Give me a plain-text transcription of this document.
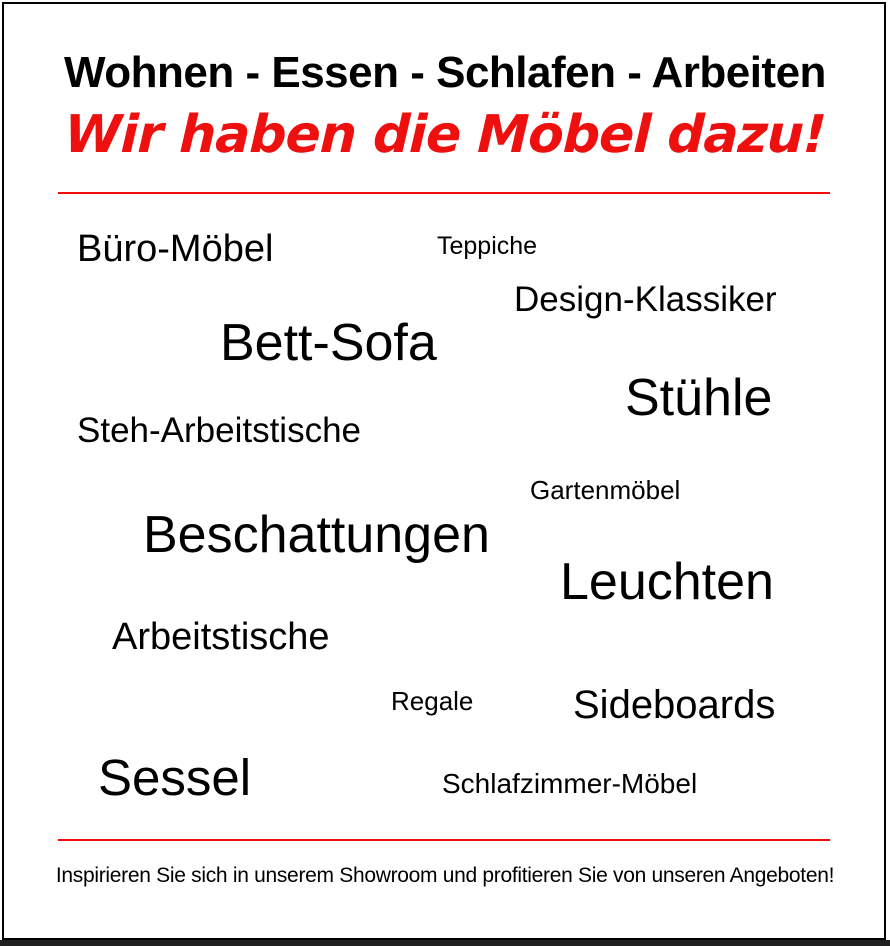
Wohnen - Essen - Schlafen - Arbeiten
Wir haben die Möbel dazu!
Büro-Möbel	Teppiche
Design-Klassiker
Bett-Sofa
Stühle
Steh-Arbeitstische
Gartenmöbel
Beschattungen
Leuchten
Arbeitstische
Regale Sideboards
Sessel	Schlafzimmer-Möbel
Inspirieren Sie sich in unserem Showroom und profitieren Sie von unseren Angeboten!
